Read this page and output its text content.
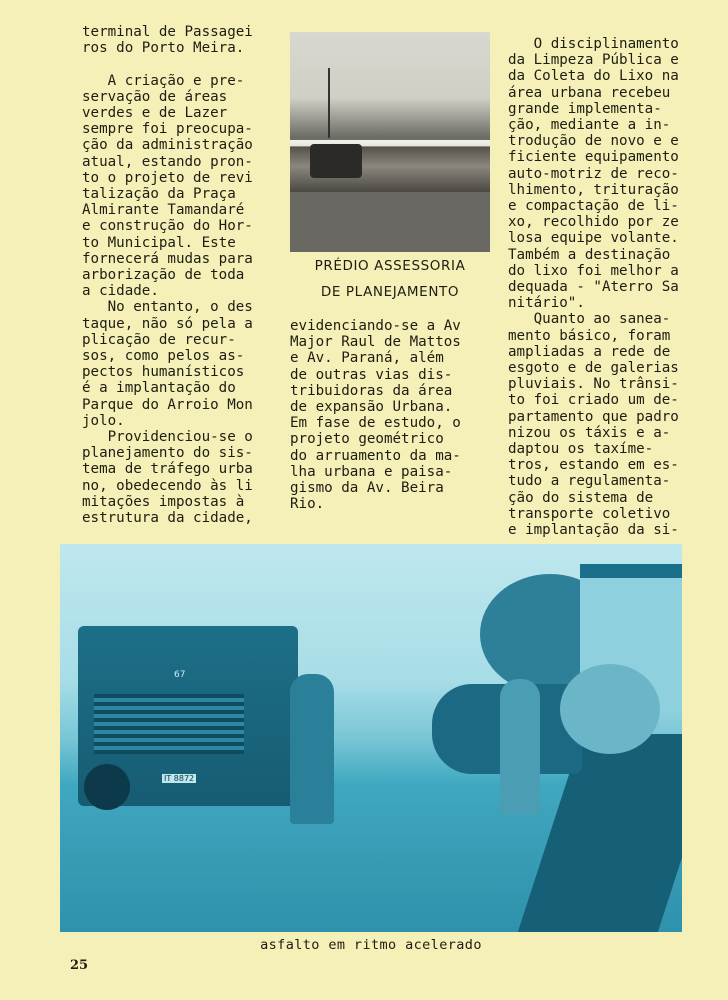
terminal de Passagei

ros do Porto Meira.

A criação e pre-

servação de áreas

verdes e de Lazer

sempre foi preocupa-

ção da administração

atual, estando pron-

to o projeto de revi

talização da Praça

Almirante Tamandaré

e construção do Hor-

to Municipal. Este

fornecerá mudas para

arborização de toda

a cidade.

No entanto, o des

taque, não só pela a

plicação de recur-

sos, como pelos as-

pectos humanísticos

é a implantação do

Parque do Arroio Mon

jolo.

Providenciou-se o

planejamento do sis-

tema de tráfego urba

no, obedecendo às li

mitações impostas à

estrutura da cidade,

PRÉDIO ASSESSORIA
DE PLANEJAMENTO

evidenciando-se a Av

Major Raul de Mattos

e Av. Paraná, além

de outras vias dis-

tribuidoras da área

de expansão Urbana.

Em fase de estudo, o

projeto geométrico

do arruamento da ma-

lha urbana e paisa-

gismo da Av. Beira

Rio.

O disciplinamento

da Limpeza Pública e

da Coleta do Lixo na

área urbana recebeu

grande implementa-

ção, mediante a in-

trodução de novo e e

ficiente equipamento

auto-motriz de reco-

lhimento, trituração

e compactação de li-

xo, recolhido por ze

losa equipe volante.

Também a destinação

do lixo foi melhor a

dequada - "Aterro Sa

nitário".

Quanto ao sanea-

mento básico, foram

ampliadas a rede de

esgoto e de galerias

pluviais. No trânsi-

to foi criado um de-

partamento que padro

nizou os táxis e a-

daptou os taxíme-

tros, estando em es-

tudo a regulamenta-

ção do sistema de

transporte coletivo

e implantação da si-

67
IT 8872
asfalto em ritmo acelerado
25
